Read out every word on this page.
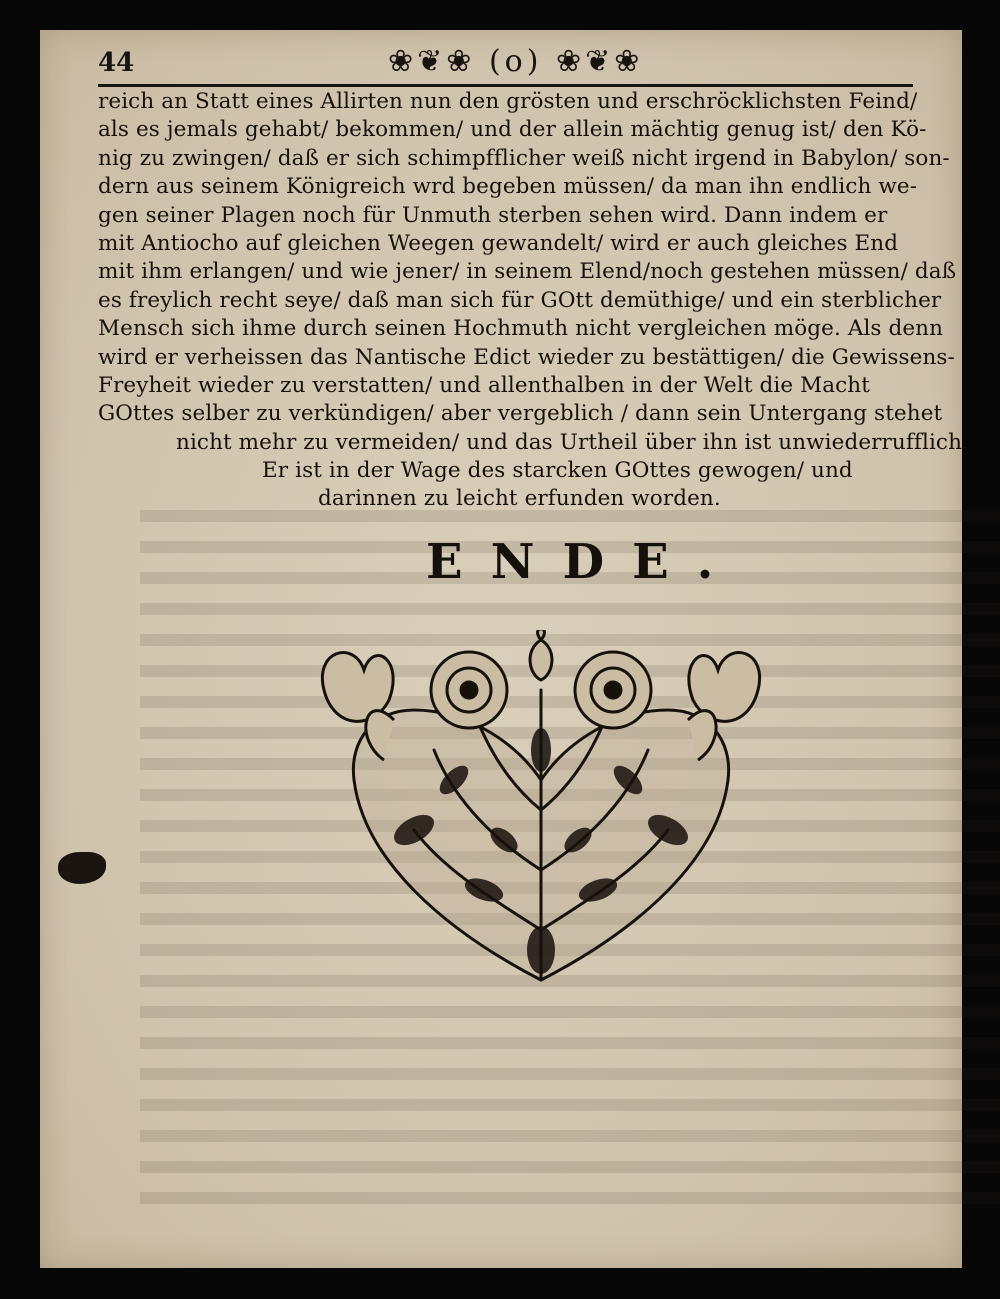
44	❀❦❀ (o) ❀❦❀
reich an Statt eines Allirten nun den grösten und erschröcklichsten Feind/
als es jemals gehabt/ bekommen/ und der allein mächtig genug ist/ den Kö-
nig zu zwingen/ daß er sich schimpfflicher weiß nicht irgend in Babylon/ son-
dern aus seinem Königreich wrd begeben müssen/ da man ihn endlich we-
gen seiner Plagen noch für Unmuth sterben sehen wird. Dann indem er
mit Antiocho auf gleichen Weegen gewandelt/ wird er auch gleiches End
mit ihm erlangen/ und wie jener/ in seinem Elend/noch gestehen müssen/ daß
es freylich recht seye/ daß man sich für GOtt demüthige/ und ein sterblicher
Mensch sich ihme durch seinen Hochmuth nicht vergleichen möge. Als denn
wird er verheissen das Nantische Edict wieder zu bestättigen/ die Gewissens-
Freyheit wieder zu verstatten/ und allenthalben in der Welt die Macht
GOttes selber zu verkündigen/ aber vergeblich / dann sein Untergang stehet
nicht mehr zu vermeiden/ und das Urtheil über ihn ist unwiederrufflich.
Er ist in der Wage des starcken GOttes gewogen/ und
darinnen zu leicht erfunden worden.
ENDE.
